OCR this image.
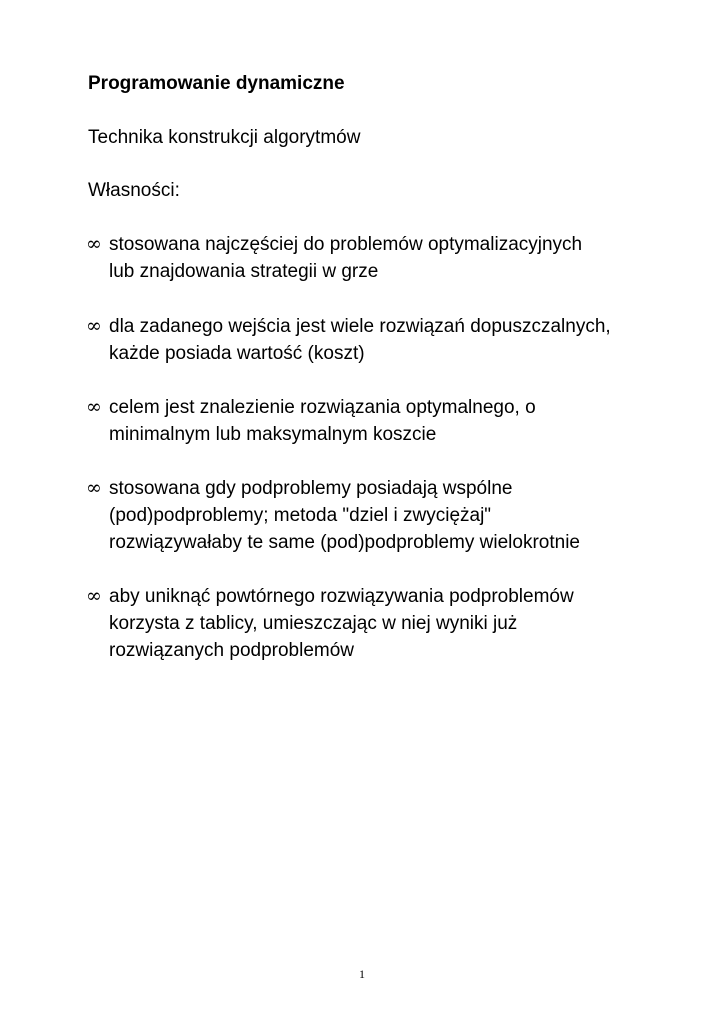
Programowanie dynamiczne
Technika konstrukcji algorytmów
Własności:
∞ stosowana najczęściej do problemów optymalizacyjnych
lub znajdowania strategii w grze
∞ dla zadanego wejścia jest wiele rozwiązań dopuszczalnych,
każde posiada wartość (koszt)
∞ celem jest znalezienie rozwiązania optymalnego, o
minimalnym lub maksymalnym koszcie
∞ stosowana gdy podproblemy posiadają wspólne
(pod)podproblemy; metoda "dziel i zwyciężaj"
rozwiązywałaby te same (pod)podproblemy wielokrotnie
∞ aby uniknąć powtórnego rozwiązywania podproblemów
korzysta z tablicy, umieszczając w niej wyniki już
rozwiązanych podproblemów
1
